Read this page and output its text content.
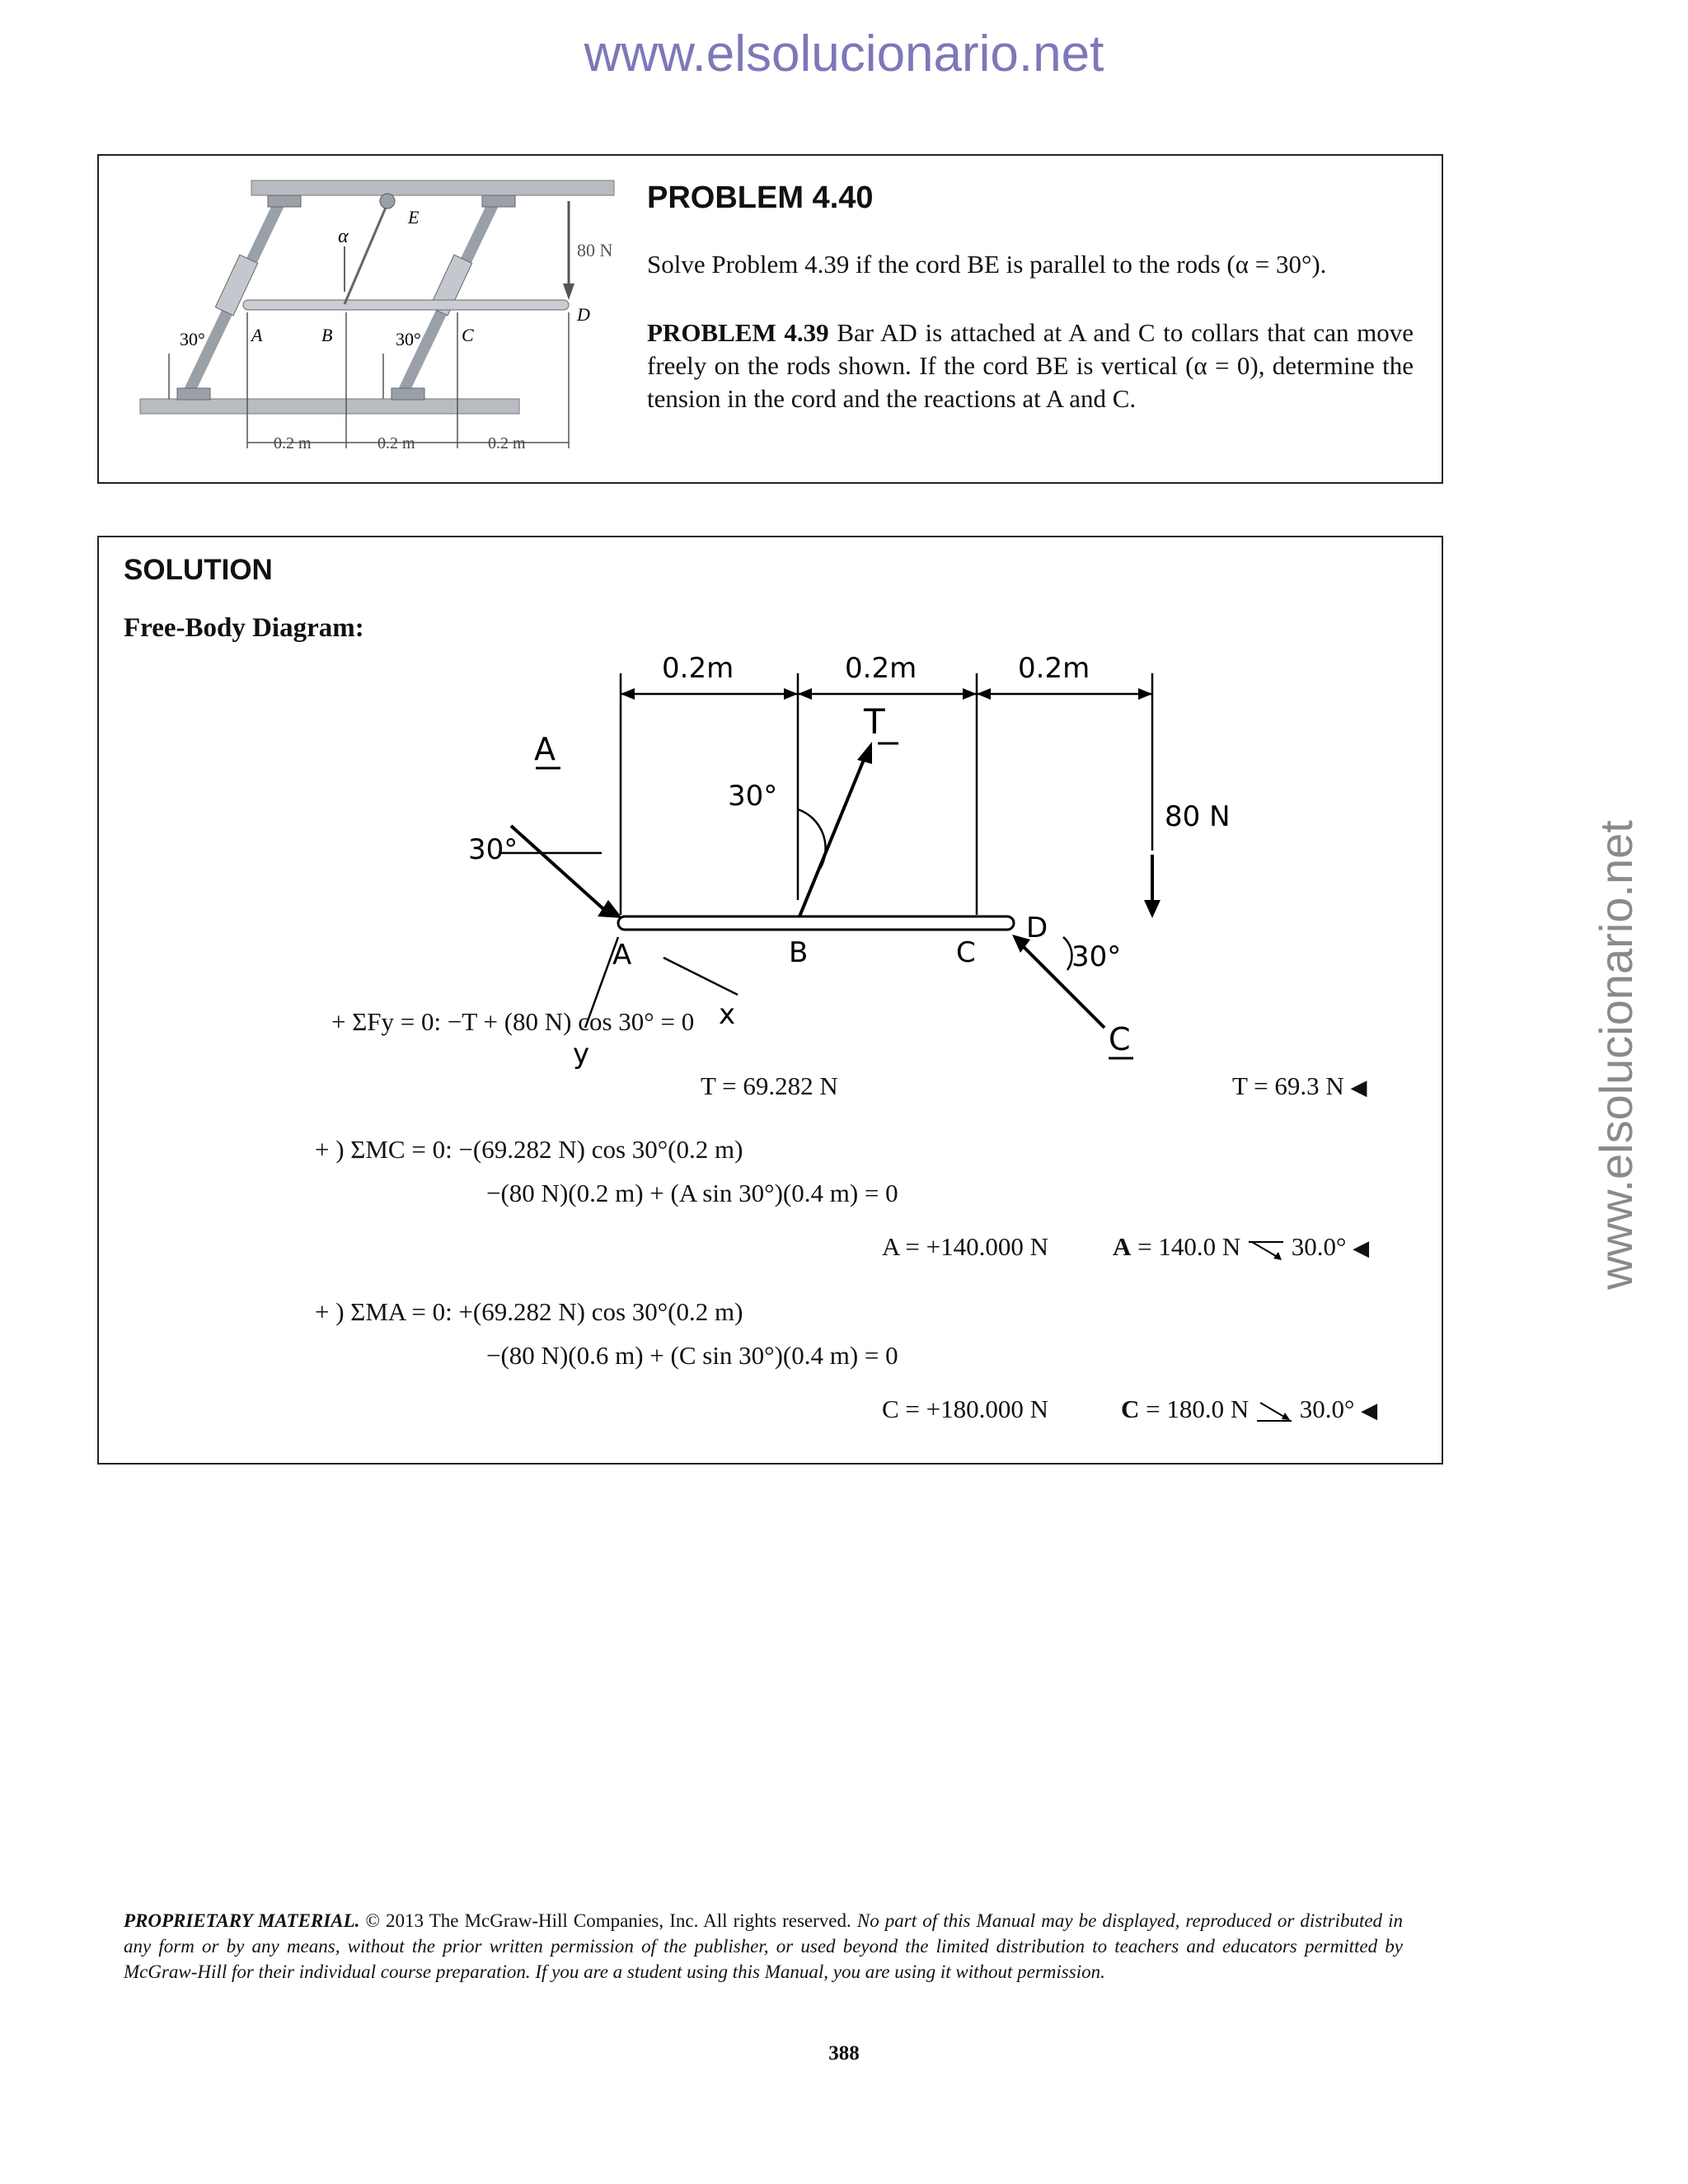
www.elsolucionario.net
www.elsolucionario.net
E
α
80 N
D
A	B	C
30°	30°
0.2 m	0.2 m	0.2 m
PROBLEM 4.40
Solve Problem 4.39 if the cord BE is parallel to the rods (α = 30°).
PROBLEM 4.39 Bar AD is attached at A and C to collars that can move freely on the rods shown. If the cord BE is vertical (α = 0), determine the tension in the cord and the reactions at A and C.
SOLUTION
Free-Body Diagram:
0.2m	0.2m	0.2m
T
30°
80 N
A
30°
A	B	C	30°
D
x
y	C
+ ΣFy = 0: −T + (80 N) cos 30° = 0
T = 69.282 N	T = 69.3 N ◀
+ ) ΣMC = 0: −(69.282 N) cos 30°(0.2 m)
−(80 N)(0.2 m) + (A sin 30°)(0.4 m) = 0
A = +140.000 N	A = 140.0 N 30.0° ◀
+ ) ΣMA = 0: +(69.282 N) cos 30°(0.2 m)
−(80 N)(0.6 m) + (C sin 30°)(0.4 m) = 0
C = +180.000 N	C = 180.0 N 30.0° ◀
PROPRIETARY MATERIAL. © 2013 The McGraw-Hill Companies, Inc. All rights reserved. No part of this Manual may be displayed, reproduced or distributed in any form or by any means, without the prior written permission of the publisher, or used beyond the limited distribution to teachers and educators permitted by McGraw-Hill for their individual course preparation. If you are a student using this Manual, you are using it without permission.
388
